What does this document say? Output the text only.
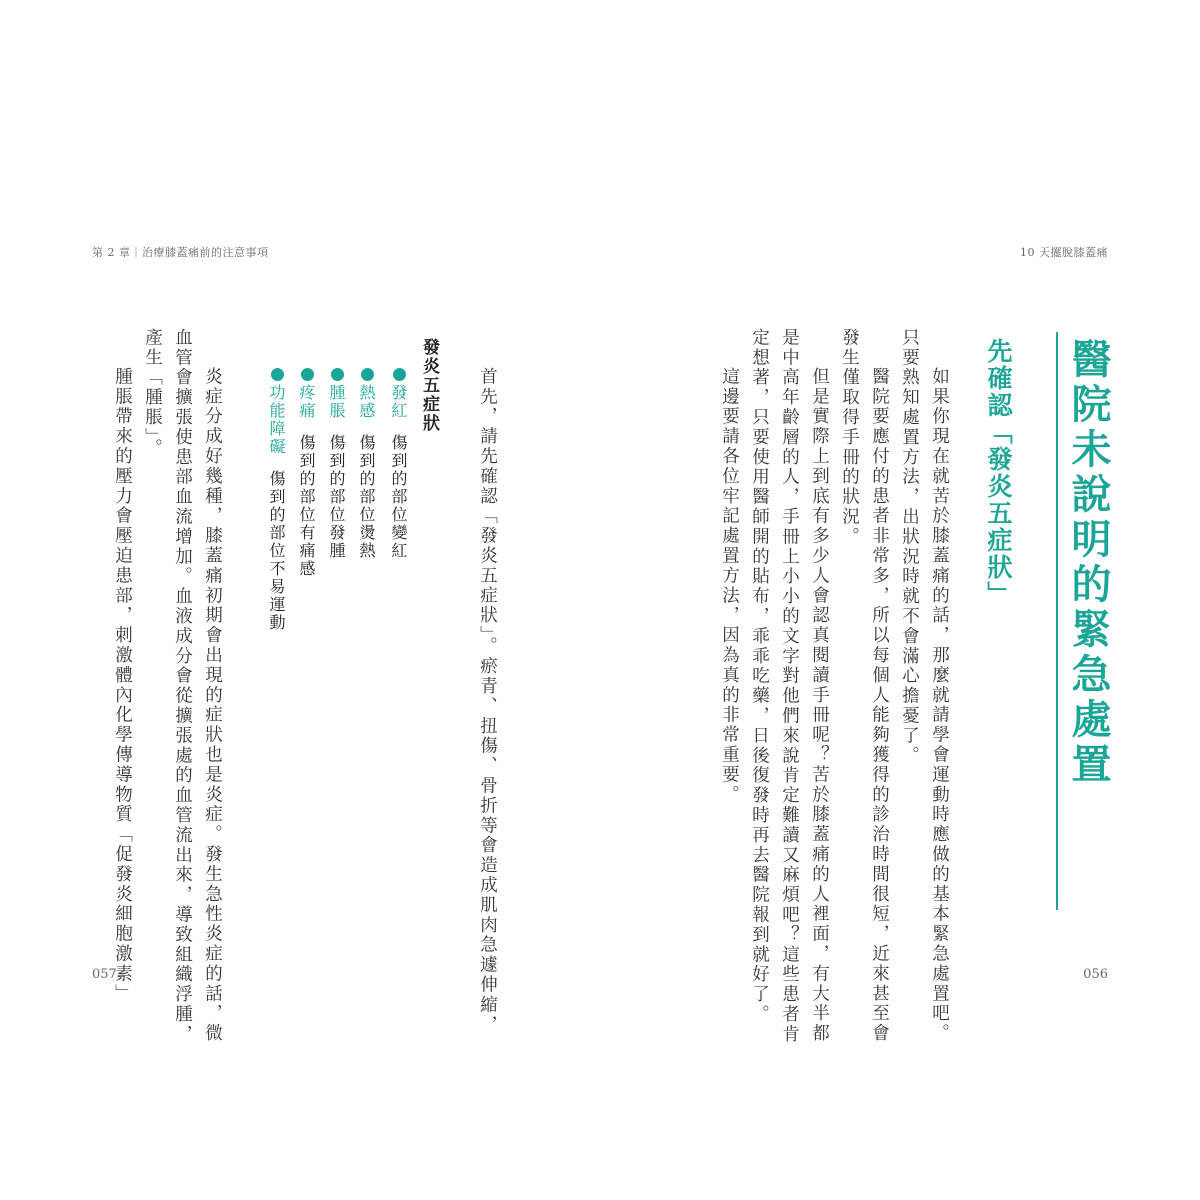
第 2 章｜治療膝蓋痛前的注意事項
首先，請先確認「發炎五症狀」。瘀青、扭傷、骨折等會造成肌肉急遽伸縮，
發炎五症狀
發紅傷到的部位變紅
熱感傷到的部位燙熱
腫脹傷到的部位發腫
疼痛傷到的部位有痛感
功能障礙傷到的部位不易運動
炎症分成好幾種，膝蓋痛初期會出現的症狀也是炎症。發生急性炎症的話，微
血管會擴張使患部血流增加。血液成分會從擴張處的血管流出來，導致組織浮腫，
產生「腫脹」。
腫脹帶來的壓力會壓迫患部，刺激體內化學傳導物質「促發炎細胞激素」
057
10 天擺脫膝蓋痛
醫院未說明的緊急處置
先確認「發炎五症狀」
如果你現在就苦於膝蓋痛的話，那麼就請學會運動時應做的基本緊急處置吧。
只要熟知處置方法，出狀況時就不會滿心擔憂了。
醫院要應付的患者非常多，所以每個人能夠獲得的診治時間很短，近來甚至會
發生僅取得手冊的狀況。
但是實際上到底有多少人會認真閱讀手冊呢？苦於膝蓋痛的人裡面，有大半都
是中高年齡層的人，手冊上小小的文字對他們來說肯定難讀又麻煩吧？這些患者肯
定想著，只要使用醫師開的貼布，乖乖吃藥，日後復發時再去醫院報到就好了。
這邊要請各位牢記處置方法，因為真的非常重要。
056
